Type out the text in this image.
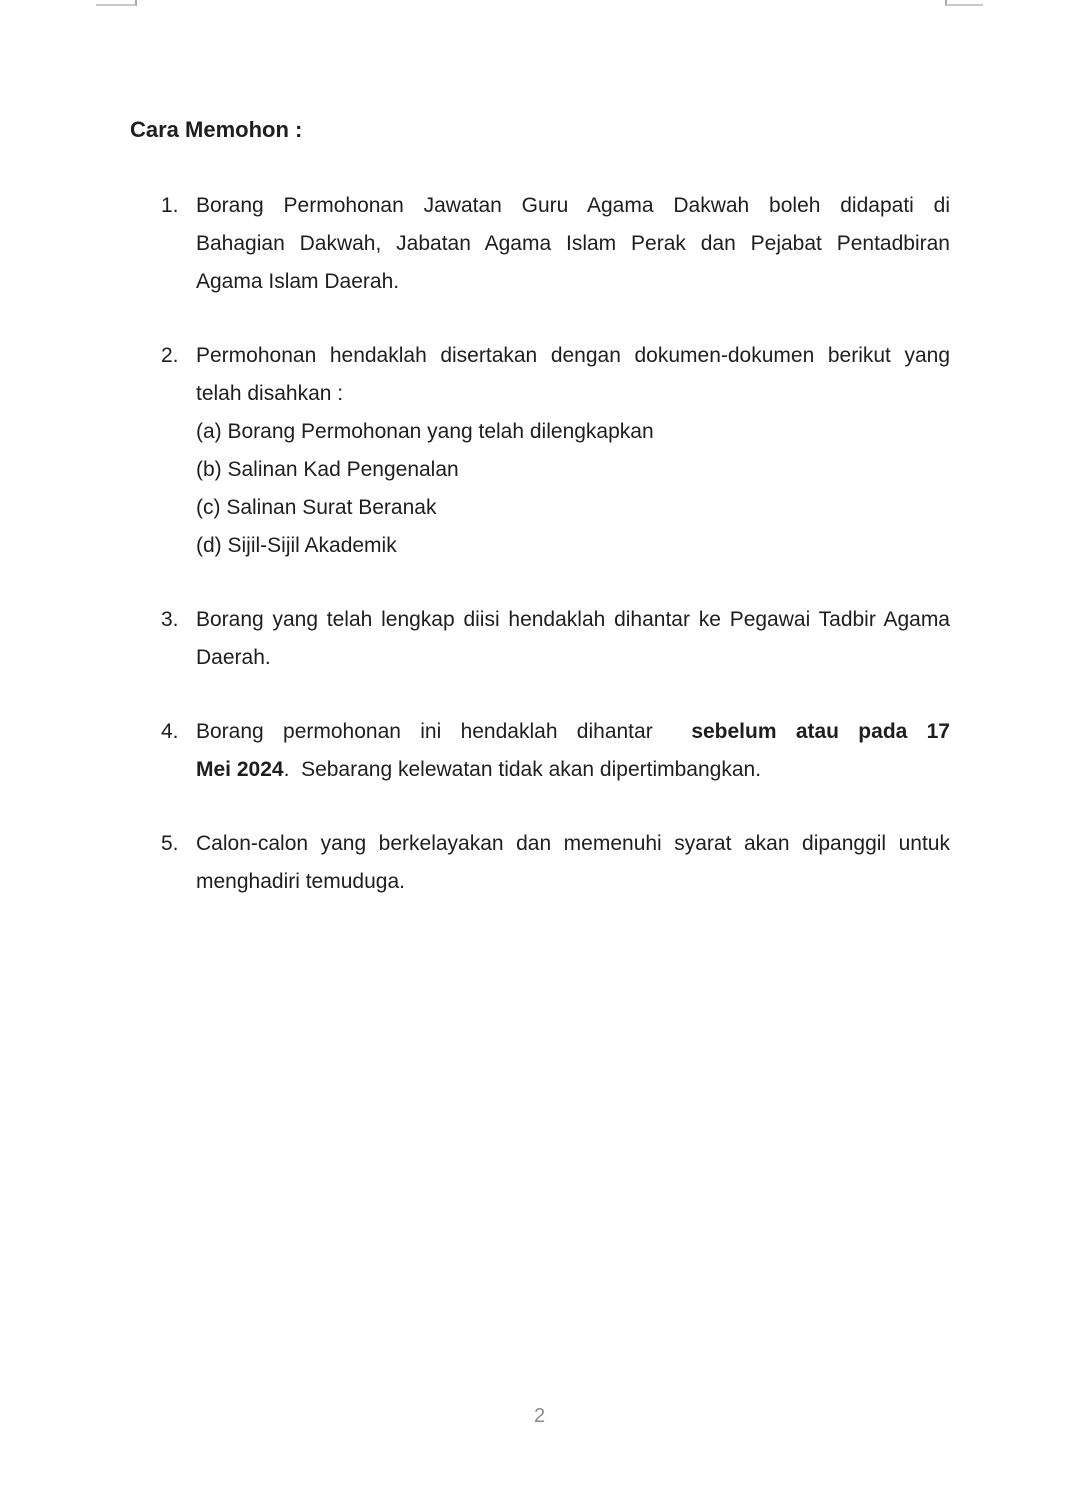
Cara Memohon :
1. Borang Permohonan Jawatan Guru Agama Dakwah boleh didapati di
Bahagian Dakwah, Jabatan Agama Islam Perak dan Pejabat Pentadbiran
Agama Islam Daerah.
2. Permohonan hendaklah disertakan dengan dokumen-dokumen berikut yang
telah disahkan :
(a) Borang Permohonan yang telah dilengkapkan
(b) Salinan Kad Pengenalan
(c) Salinan Surat Beranak
(d) Sijil-Sijil Akademik
3. Borang yang telah lengkap diisi hendaklah dihantar ke Pegawai Tadbir Agama
Daerah.
4. Borang permohonan ini hendaklah dihantar  sebelum atau pada 17
Mei 2024.  Sebarang kelewatan tidak akan dipertimbangkan.
5. Calon-calon yang berkelayakan dan memenuhi syarat akan dipanggil untuk
menghadiri temuduga.
2
